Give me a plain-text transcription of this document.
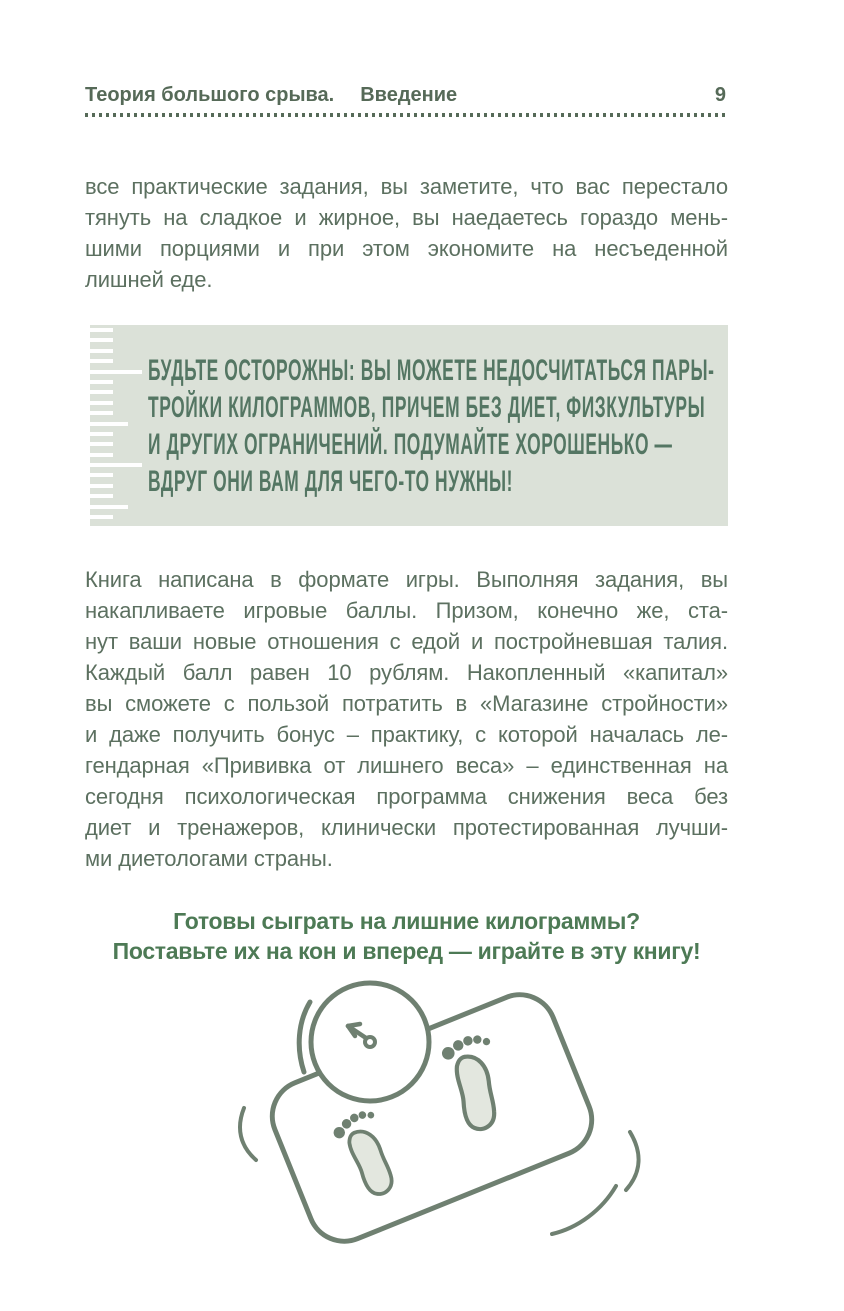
Теория большого срыва. Введение	9
все практические задания, вы заметите, что вас перестало
тянуть на сладкое и жирное, вы наедаетесь гораздо мень-
шими порциями и при этом экономите на несъеденной
лишней еде.
БУДЬТЕ ОСТОРОЖНЫ: ВЫ МОЖЕТЕ НЕДОСЧИТАТЬСЯ ПАРЫ-
ТРОЙКИ КИЛОГРАММОВ, ПРИЧЕМ БЕЗ ДИЕТ, ФИЗКУЛЬТУРЫ
И ДРУГИХ ОГРАНИЧЕНИЙ. ПОДУМАЙТЕ ХОРОШЕНЬКО —
ВДРУГ ОНИ ВАМ ДЛЯ ЧЕГО-ТО НУЖНЫ!
Книга написана в формате игры. Выполняя задания, вы
накапливаете игровые баллы. Призом, конечно же, ста-
нут ваши новые отношения с едой и постройневшая талия.
Каждый балл равен 10 рублям. Накопленный «капитал»
вы сможете с пользой потратить в «Магазине стройности»
и даже получить бонус – практику, с которой началась ле-
гендарная «Прививка от лишнего веса» – единственная на
сегодня психологическая программа снижения веса без
диет и тренажеров, клинически протестированная лучши-
ми диетологами страны.
Готовы сыграть на лишние килограммы?
Поставьте их на кон и вперед — играйте в эту книгу!
